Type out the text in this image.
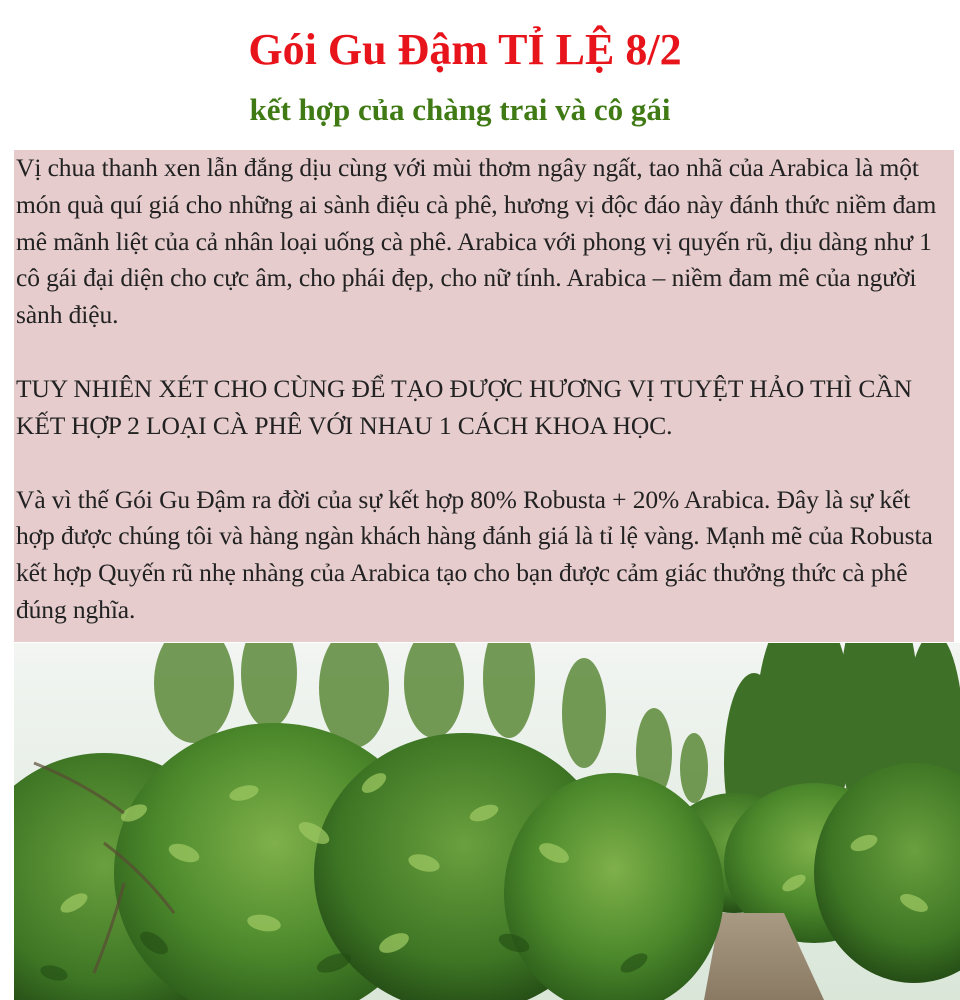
Gói Gu Đậm TỈ LỆ 8/2
kết hợp của chàng trai và cô gái

Vị chua thanh xen lẫn đắng dịu cùng với mùi thơm ngây ngất, tao nhã của Arabica là một món quà quí giá cho những ai sành điệu cà phê, hương vị độc đáo này đánh thức niềm đam mê mãnh liệt của cả nhân loại uống cà phê. Arabica với phong vị quyến rũ, dịu dàng như 1 cô gái đại diện cho cực âm, cho phái đẹp, cho nữ tính. Arabica – niềm đam mê của người sành điệu.

TUY NHIÊN XÉT CHO CÙNG ĐỂ TẠO ĐƯỢC HƯƠNG VỊ TUYỆT HẢO THÌ CẦN KẾT HỢP 2 LOẠI CÀ PHÊ VỚI NHAU 1 CÁCH KHOA HỌC.

Và vì thế Gói Gu Đậm ra đời của sự kết hợp 80% Robusta + 20% Arabica. Đây là sự kết hợp được chúng tôi và hàng ngàn khách hàng đánh giá là tỉ lệ vàng. Mạnh mẽ của Robusta kết hợp Quyến rũ nhẹ nhàng của Arabica tạo cho bạn được cảm giác thưởng thức cà phê đúng nghĩa.
